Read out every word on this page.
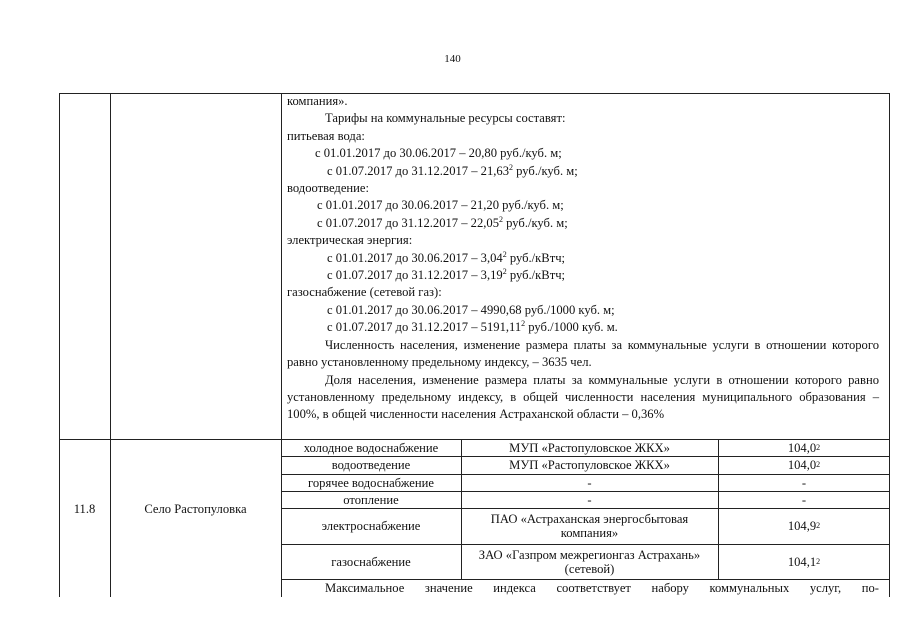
140
компания».
Тарифы на коммунальные ресурсы составят:
питьевая вода:
с 01.01.2017 до 30.06.2017 – 20,80 руб./куб. м;
с 01.07.2017 до 31.12.2017 – 21,63$^2$ руб./куб. м;
водоотведение:
с 01.01.2017 до 30.06.2017 – 21,20 руб./куб. м;
с 01.07.2017 до 31.12.2017 – 22,05$^2$ руб./куб. м;
электрическая энергия:
с 01.01.2017 до 30.06.2017 – 3,04$^2$ руб./кВтч;
с 01.07.2017 до 31.12.2017 – 3,19$^2$ руб./кВтч;
газоснабжение (сетевой газ):
с 01.01.2017 до 30.06.2017 – 4990,68 руб./1000 куб. м;
с 01.07.2017 до 31.12.2017 – 5191,11$^2$ руб./1000 куб. м.
Численность населения, изменение размера платы за коммунальные услуги в отношении которого равно установленному предельному индексу, – 3635 чел.
Доля населения, изменение размера платы за коммунальные услуги в отношении которого равно установленному предельному индексу, в общей численности населения муниципального образования – 100%, в общей численности населения Астраханской области – 0,36%
11.8	Село Растопуловка
холодное водоснабжение	МУП «Растопуловское ЖКХ»	104,0 2
водоотведение	МУП «Растопуловское ЖКХ»	104,0 2
горячее водоснабжение	-	-
отопление	-	-
электроснабжение	ПАО «Астраханская энергосбытовая компания»	104,9 2
газоснабжение	ЗАО «Газпром межрегионгаз Астрахань» (сетевой)	104,1 2
Максимальное значение индекса соответствует набору коммунальных услуг, по-
